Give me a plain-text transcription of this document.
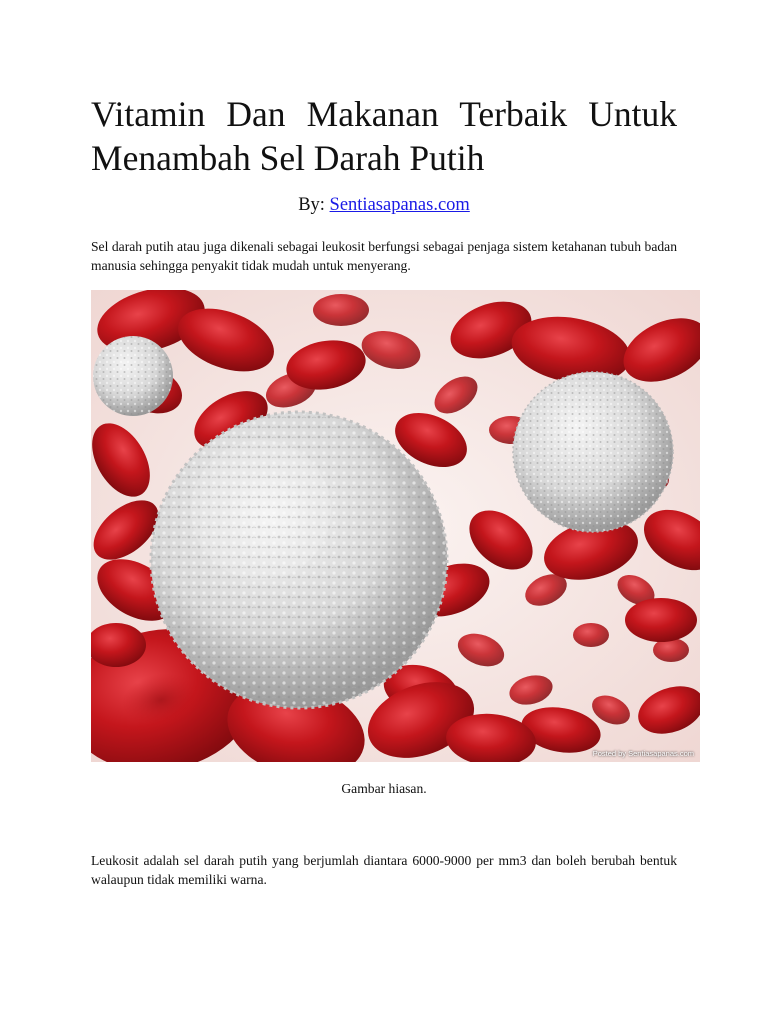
Vitamin Dan Makanan Terbaik Untuk Menambah Sel Darah Putih
By: Sentiasapanas.com

Sel darah putih atau juga dikenali sebagai leukosit berfungsi sebagai penjaga sistem ketahanan tubuh badan manusia sehingga penyakit tidak mudah untuk menyerang.

Posted by Sentiasapanas.com
Gambar hiasan.

Leukosit adalah sel darah putih yang berjumlah diantara 6000-9000 per mm3 dan boleh berubah bentuk walaupun tidak memiliki warna.
